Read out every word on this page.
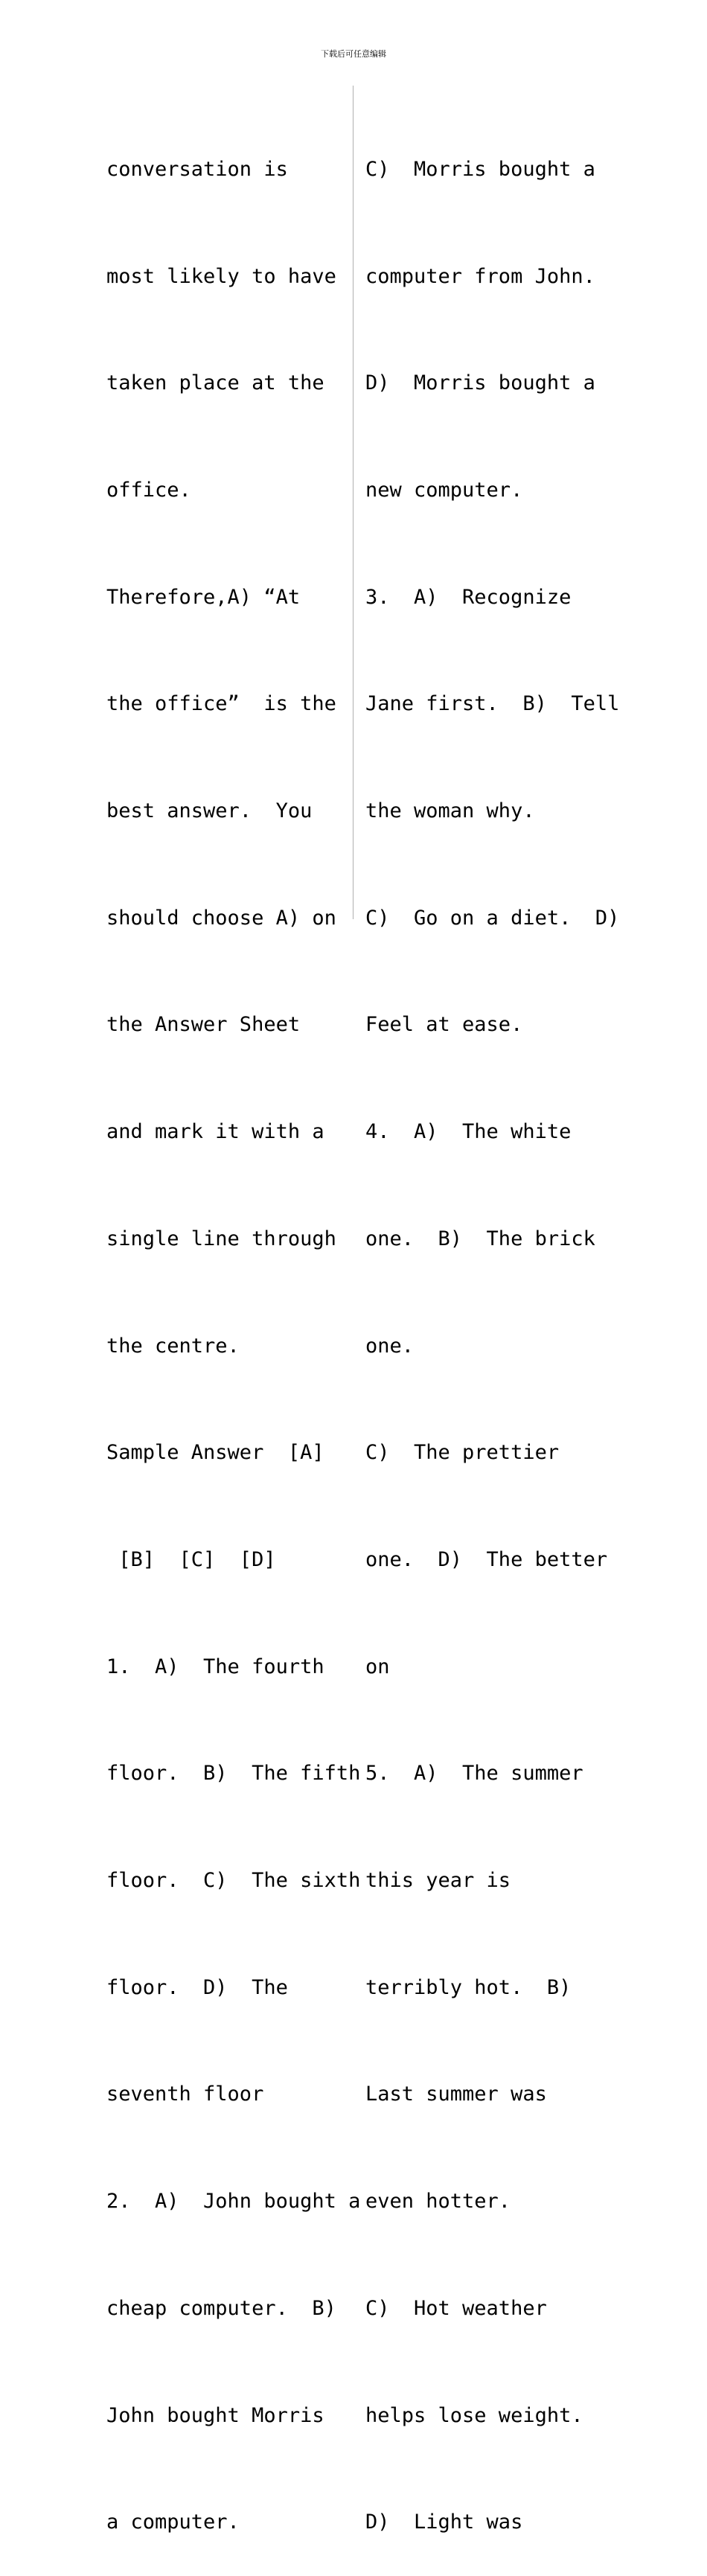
下载后可任意编辑

conversation is

most likely to have

taken place at the

office.

Therefore,A) “At

the office”  is the

best answer.  You

should choose A) on

the Answer Sheet

and mark it with a

single line through

the centre.

Sample Answer  [A]

[B]  [C]  [D]

1.  A)  The fourth

floor.  B)  The fifth

floor.  C)  The sixth

floor.  D)  The

seventh floor

2.  A)  John bought a

cheap computer.  B)

John bought Morris

a computer.

C)  Morris bought a

computer from John.

D)  Morris bought a

new computer.

3.  A)  Recognize

Jane first.  B)  Tell

the woman why.

C)  Go on a diet.  D)

Feel at ease.

4.  A)  The white

one.  B)  The brick

one.

C)  The prettier

one.  D)  The better

on

5.  A)  The summer

this year is

terribly hot.  B)

Last summer was

even hotter.

C)  Hot weather

helps lose weight.

D)  Light was
